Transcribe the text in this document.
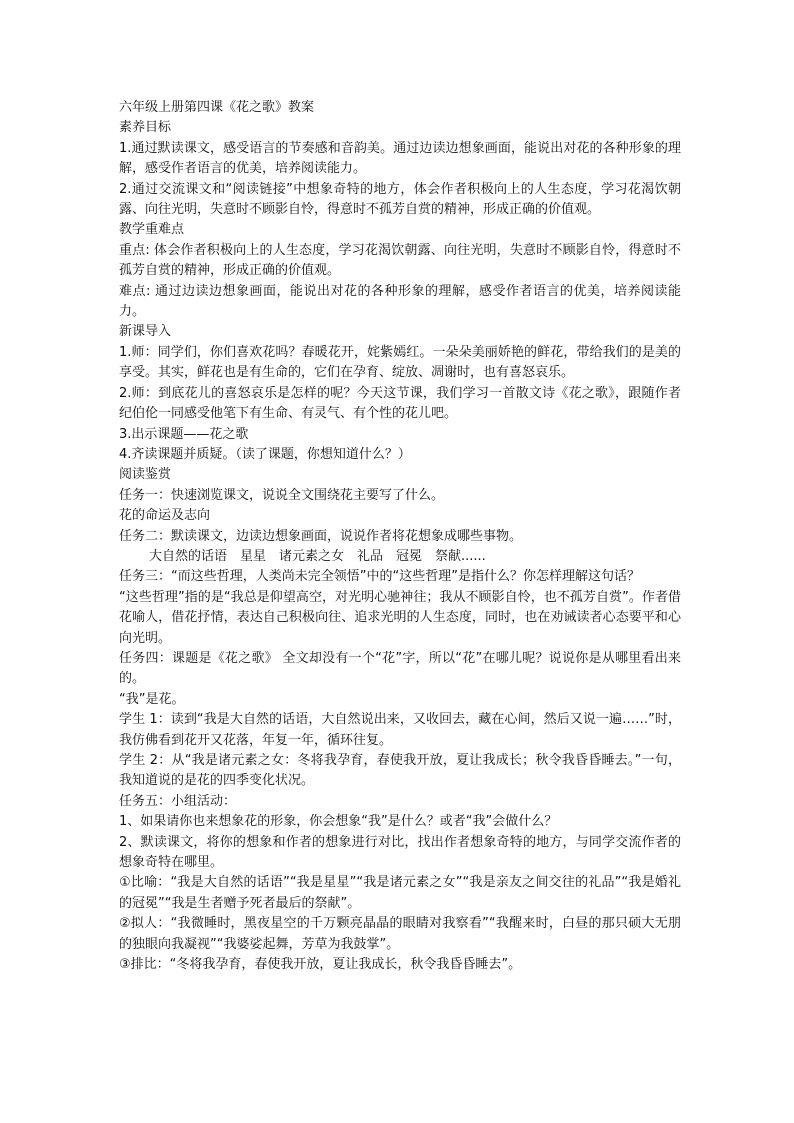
六年级上册第四课《花之歌》教案

素养目标

1.通过默读课文，感受语言的节奏感和音韵美。通过边读边想象画面，能说出对花的各种形象的理解，感受作者语言的优美，培养阅读能力。

2.通过交流课文和“阅读链接”中想象奇特的地方，体会作者积极向上的人生态度，学习花渴饮朝露、向往光明，失意时不顾影自怜，得意时不孤芳自赏的精神，形成正确的价值观。

教学重难点

重点: 体会作者积极向上的人生态度，学习花渴饮朝露、向往光明，失意时不顾影自怜，得意时不孤芳自赏的精神，形成正确的价值观。

难点: 通过边读边想象画面，能说出对花的各种形象的理解，感受作者语言的优美，培养阅读能力。

新课导入

1.师：同学们，你们喜欢花吗？春暖花开，姹紫嫣红。一朵朵美丽娇艳的鲜花，带给我们的是美的享受。其实，鲜花也是有生命的，它们在孕育、绽放、凋谢时，也有喜怒哀乐。

2.师：到底花儿的喜怒哀乐是怎样的呢？今天这节课，我们学习一首散文诗《花之歌》，跟随作者纪伯伦一同感受他笔下有生命、有灵气、有个性的花儿吧。

3.出示课题——花之歌

4.齐读课题并质疑。（读了课题，你想知道什么？）

阅读鉴赏

任务一：快速浏览课文，说说全文围绕花主要写了什么。

花的命运及志向

任务二：默读课文，边读边想象画面，说说作者将花想象成哪些事物。

大自然的话语　星星　诸元素之女　礼品　冠冕　祭献......

任务三：“而这些哲理，人类尚未完全领悟”中的“这些哲理”是指什么？你怎样理解这句话？

“这些哲理”指的是“我总是仰望高空，对光明心驰神往；我从不顾影自怜，也不孤芳自赏”。作者借花喻人，借花抒情，表达自己积极向往、追求光明的人生态度，同时，也在劝诫读者心态要平和心向光明。

任务四：课题是《花之歌》 全文却没有一个“花”字，所以“花”在哪儿呢？说说你是从哪里看出来的。

“我”是花。

学生 1：读到“我是大自然的话语，大自然说出来，又收回去，藏在心间，然后又说一遍……”时，我仿佛看到花开又花落，年复一年，循环往复。

学生 2：从“我是诸元素之女：冬将我孕育，春使我开放，夏让我成长；秋令我昏昏睡去。”一句，我知道说的是花的四季变化状况。

任务五：小组活动：

1、如果请你也来想象花的形象，你会想象“我”是什么？或者“我”会做什么？

2、默读课文，将你的想象和作者的想象进行对比，找出作者想象奇特的地方，与同学交流作者的想象奇特在哪里。

①比喻：“我是大自然的话语”“我是星星”“我是诸元素之女”“我是亲友之间交往的礼品”“我是婚礼的冠冕”“我是生者赠予死者最后的祭献”。

②拟人：“我微睡时，黑夜星空的千万颗亮晶晶的眼睛对我察看”“我醒来时，白昼的那只硕大无朋的独眼向我凝视”“我婆娑起舞，芳草为我鼓掌”。

③排比：“冬将我孕育，春使我开放，夏让我成长，秋令我昏昏睡去”。
